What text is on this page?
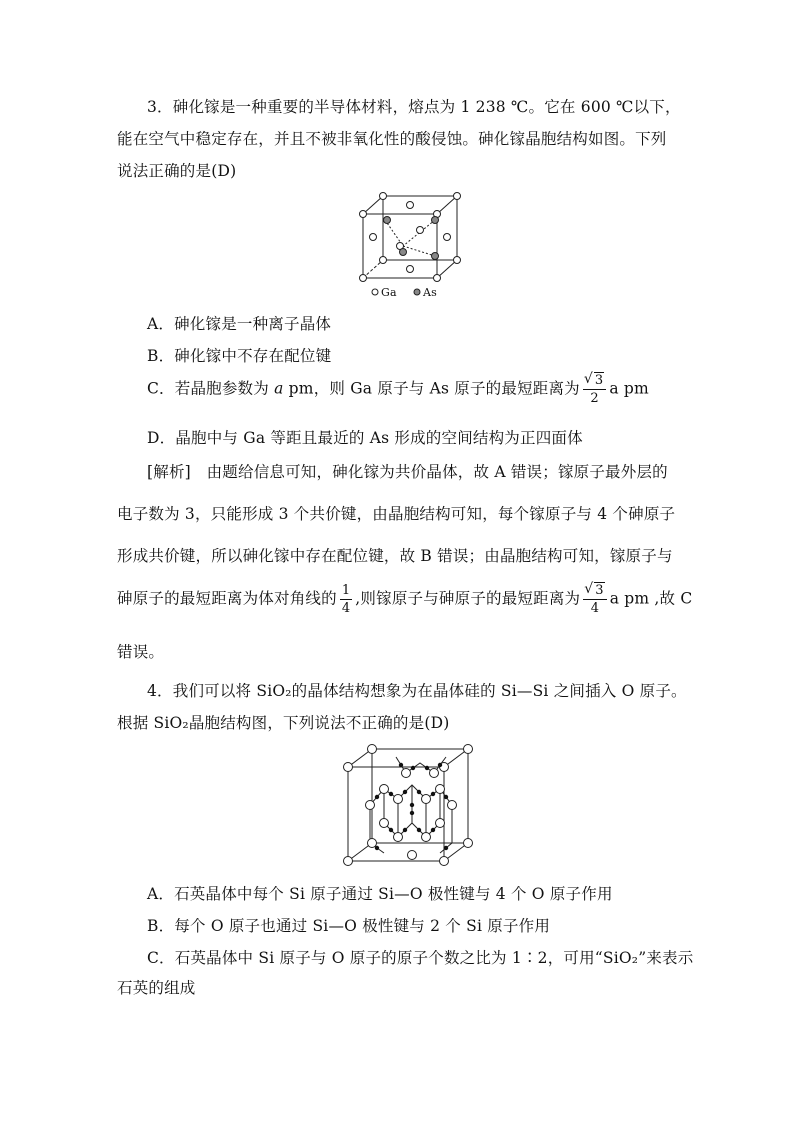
3．砷化镓是一种重要的半导体材料，熔点为 1 238 ℃。它在 600 ℃以下，
能在空气中稳定存在，并且不被非氧化性的酸侵蚀。砷化镓晶胞结构如图。下列
说法正确的是(D)
Ga As
A．砷化镓是一种离子晶体
B．砷化镓中不存在配位键
C．若晶胞参数为 a pm，则 Ga 原子与 As 原子的最短距离为 √ $\frac{3}{2}$ a pm
D．晶胞中与 Ga 等距且最近的 As 形成的空间结构为正四面体
[解析]　由题给信息可知，砷化镓为共价晶体，故 A 错误；镓原子最外层的
电子数为 3，只能形成 3 个共价键，由晶胞结构可知，每个镓原子与 4 个砷原子
形成共价键，所以砷化镓中存在配位键，故 B 错误；由晶胞结构可知，镓原子与
砷原子的最短距离为体对角线的 $\frac{1}{4}$ ,则镓原子与砷原子的最短距离为 √ $\frac{3}{4}$ a pm ,故 C
错误。
4．我们可以将 SiO₂的晶体结构想象为在晶体硅的 Si—Si 之间插入 O 原子。
根据 SiO₂晶胞结构图，下列说法不正确的是(D)
A．石英晶体中每个 Si 原子通过 Si—O 极性键与 4 个 O 原子作用
B．每个 O 原子也通过 Si—O 极性键与 2 个 Si 原子作用
C．石英晶体中 Si 原子与 O 原子的原子个数之比为 1∶2，可用“SiO₂”来表示
石英的组成
